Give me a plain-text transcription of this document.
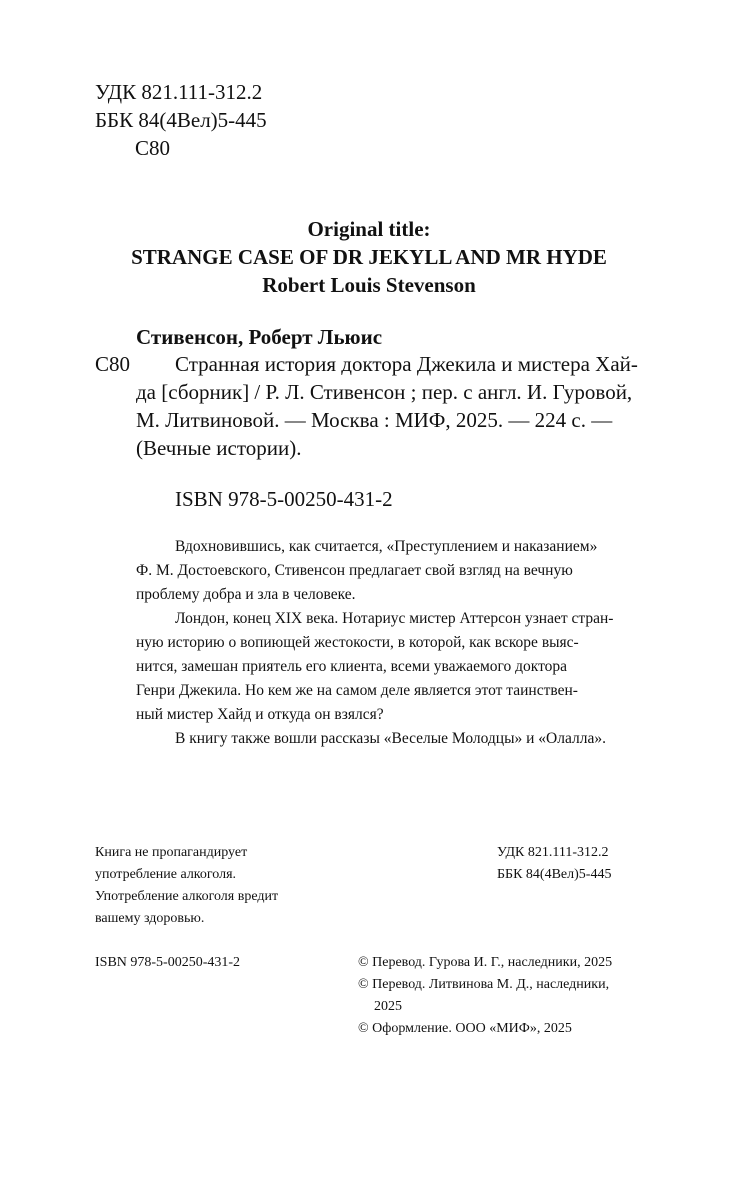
УДК 821.111-312.2
ББК 84(4Вел)5-445
С80
Original title:
STRANGE CASE OF DR JEKYLL AND MR HYDE
Robert Louis Stevenson
Стивенсон, Роберт Льюис
С80 Странная история доктора Джекила и мистера Хай-
да [сборник] / Р. Л. Стивенсон ; пер. с англ. И. Гуровой,
М. Литвиновой. — Москва : МИФ, 2025. — 224 с. —
(Вечные истории).
ISBN 978-5-00250-431-2
Вдохновившись, как считается, «Преступлением и наказанием»
Ф. М. Достоевского, Стивенсон предлагает свой взгляд на вечную
проблему добра и зла в человеке.
Лондон, конец XIX века. Нотариус мистер Аттерсон узнает стран-
ную историю о вопиющей жестокости, в которой, как вскоре выяс-
нится, замешан приятель его клиента, всеми уважаемого доктора
Генри Джекила. Но кем же на самом деле является этот таинствен-
ный мистер Хайд и откуда он взялся?
В книгу также вошли рассказы «Веселые Молодцы» и «Олалла».
Книга не пропагандирует
употребление алкоголя.
Употребление алкоголя вредит
вашему здоровью.
УДК 821.111-312.2
ББК 84(4Вел)5-445
ISBN 978-5-00250-431-2	© Перевод. Гурова И. Г., наследники, 2025
© Перевод. Литвинова М. Д., наследники,
2025
© Оформление. ООО «МИФ», 2025
